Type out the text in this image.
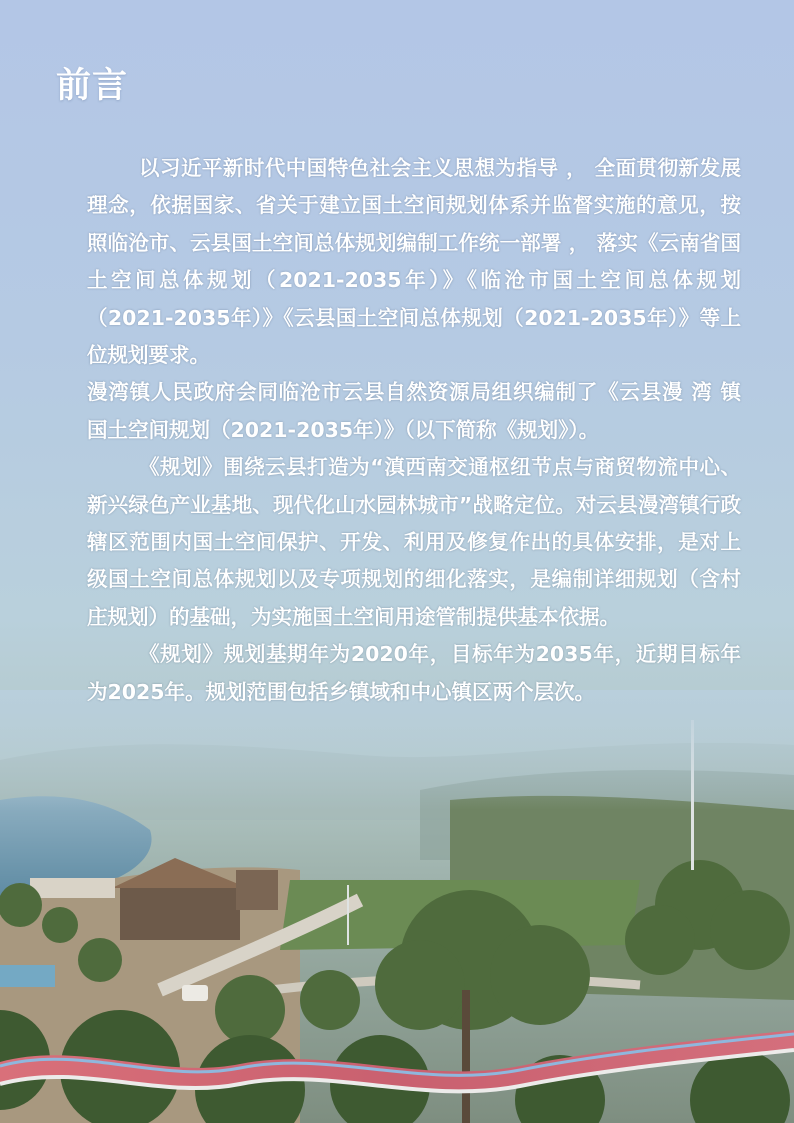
前言

以习近平新时代中国特色社会主义思想为指导 ， 全面贯彻新发展理念，依据国家、省关于建立国土空间规划体系并监督实施的意见，按照临沧市、云县国土空间总体规划编制工作统一部署 ， 落实《云南省国土空间总体规划（2021-2035年）》《临沧市国土空间总体规划（2021-2035年）》《云县国土空间总体规划（2021-2035年）》等上位规划要求。

漫湾镇人民政府会同临沧市云县自然资源局组织编制了《云县漫 湾 镇 国土空间规划（2021-2035年）》（以下简称《规划》）。

《规划》围绕云县打造为“滇西南交通枢纽节点与商贸物流中心、新兴绿色产业基地、现代化山水园林城市”战略定位。对云县漫湾镇行政辖区范围内国土空间保护、开发、利用及修复作出的具体安排，是对上级国土空间总体规划以及专项规划的细化落实，是编制详细规划（含村庄规划）的基础，为实施国土空间用途管制提供基本依据。

《规划》规划基期年为2020年，目标年为2035年，近期目标年为2025年。规划范围包括乡镇域和中心镇区两个层次。
